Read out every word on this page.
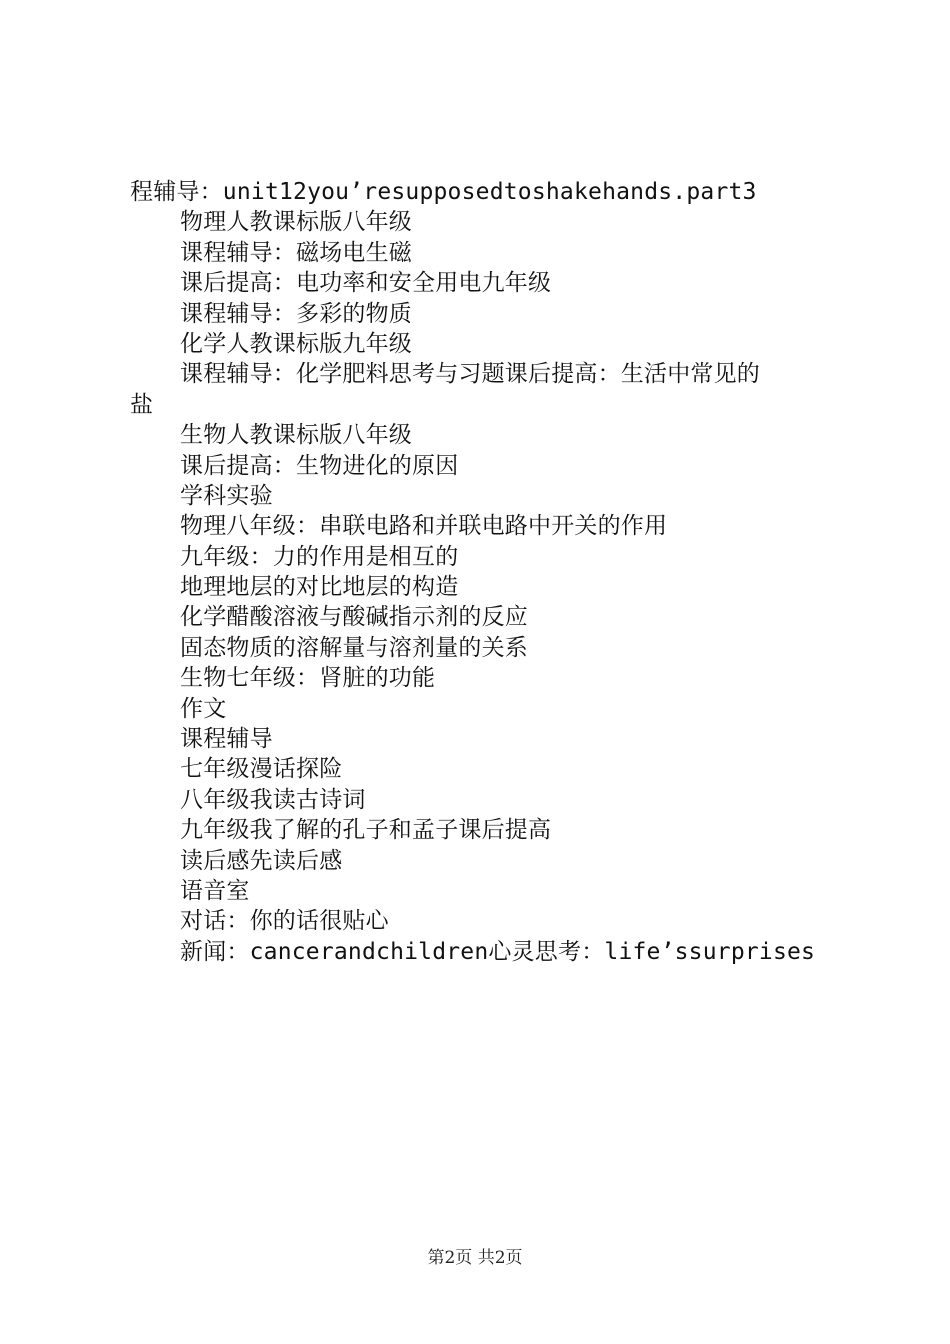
程辅导：unit12you’resupposedtoshakehands.part3
物理人教课标版八年级
课程辅导：磁场电生磁
课后提高：电功率和安全用电九年级
课程辅导：多彩的物质
化学人教课标版九年级
课程辅导：化学肥料思考与习题课后提高：生活中常见的
盐
生物人教课标版八年级
课后提高：生物进化的原因
学科实验
物理八年级：串联电路和并联电路中开关的作用
九年级：力的作用是相互的
地理地层的对比地层的构造
化学醋酸溶液与酸碱指示剂的反应
固态物质的溶解量与溶剂量的关系
生物七年级：肾脏的功能
作文
课程辅导
七年级漫话探险
八年级我读古诗词
九年级我了解的孔子和孟子课后提高
读后感先读后感
语音室
对话：你的话很贴心
新闻：cancerandchildren心灵思考：life’ssurprises
第2页 共2页
